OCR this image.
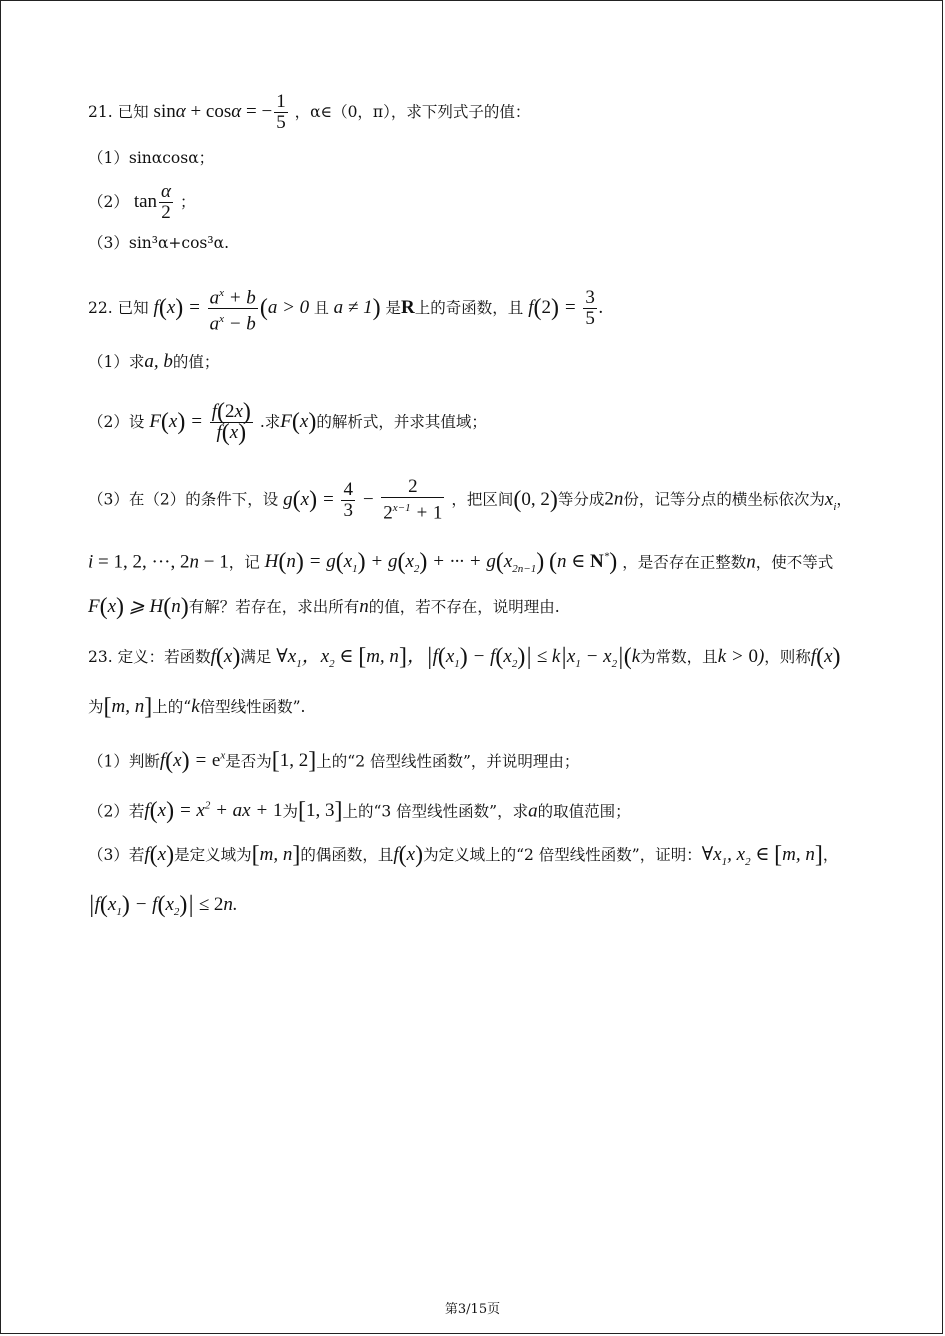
21. 已知 sinα + cosα = − $\frac{1}{5}$ ，α∈（0，π），求下列式子的值：
（1）sinαcosα；
（2） $\tan \frac{\alpha}{2}$ ；
（3）sin³α+cos³α.
22. 已知 $f(x) = \frac{a^x + b}{a^x - b} (a > 0$ 且 a ≠ 1) 是R上的奇函数，且 $f(2) = \frac{3}{5}$ .
（1）求a, b的值；
（2）设 $F(x) = \frac{f(2x)}{f(x)}$ .求F(x)的解析式，并求其值域；
（3）在（2）的条件下，设 $g(x) = \frac{4}{3} - \frac{2}{2^{x-1} + 1}$ ，把区间(0, 2)等分成2n份，记等分点的横坐标依次为$x_i$，
i = 1, 2, ···, 2n − 1，记 $H(n) = g(x_1) + g(x_2)$ + ··· + $g(x_{2n-1})$ (n ∈ N*) ，是否存在正整数n，使不等式
F(x) ⩾ H(n)有解？若存在，求出所有n的值，若不存在，说明理由.
23. 定义：若函数f(x)满足 $\forall x_1$，$x_2$ ∈ [m, n]，$|f(x_1) - f(x_2)| \le k|x_1 - x_2|(k$为常数，且k > 0)，则称f(x)
为[m, n]上的“k倍型线性函数”.
（1）判断$f(x) = e^x$是否为[1, 2]上的“2 倍型线性函数”，并说明理由；
（2）若$f(x) = x^2$ + ax + 1为[1, 3]上的“3 倍型线性函数”，求a的取值范围；
（3）若f(x)是定义域为[m, n]的偶函数，且f(x)为定义域上的“2 倍型线性函数”，证明：$\forall x_1$, $x_2$ ∈ [m, n]，
$|f(x_1) - f(x_2)| \le 2n$.
第3/15页
